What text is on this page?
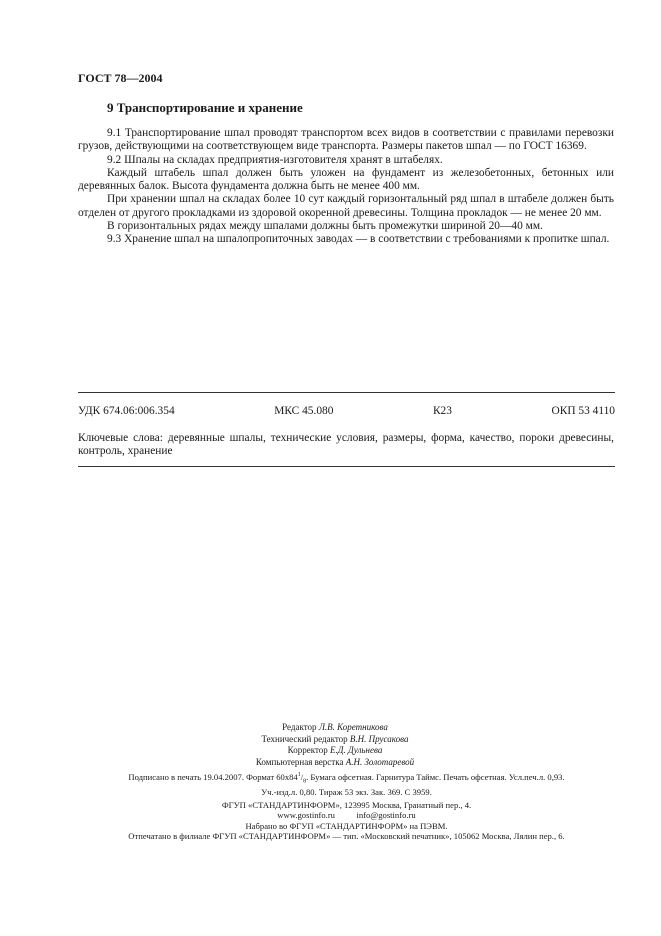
ГОСТ 78—2004
9 Транспортирование и хранение

9.1 Транспортирование шпал проводят транспортом всех видов в соответствии с правилами перевозки грузов, действующими на соответствующем виде транспорта. Размеры пакетов шпал — по ГОСТ 16369.

9.2 Шпалы на складах предприятия-изготовителя хранят в штабелях.

Каждый штабель шпал должен быть уложен на фундамент из железобетонных, бетонных или деревянных балок. Высота фундамента должна быть не менее 400 мм.

При хранении шпал на складах более 10 сут каждый горизонтальный ряд шпал в штабеле должен быть отделен от другого прокладками из здоровой окоренной древесины. Толщина прокладок — не менее 20 мм.

В горизонтальных рядах между шпалами должны быть промежутки шириной 20—40 мм.

9.3 Хранение шпал на шпалопропиточных заводах — в соответствии с требованиями к пропитке шпал.

УДК 674.06:006.354	МКС 45.080	К23	ОКП 53 4110
Ключевые слова: деревянные шпалы, технические условия, размеры, форма, качество, пороки древесины, контроль, хранение
Редактор Л.В. Коретникова
Технический редактор В.Н. Прусакова
Корректор Е.Д. Дульнева
Компьютерная верстка А.Н. Золотаревой
Подписано в печать 19.04.2007. Формат $60x84^1/_8$. Бумага офсетная. Гарнитура Таймс. Печать офсетная. Усл.печ.л. 0,93.
Уч.-изд.л. 0,80. Тираж 53 экз. Зак. 369. С 3959.
ФГУП «СТАНДАРТИНФОРМ», 123995 Москва, Гранатный пер., 4.
www.gostinfo.ru          info@gostinfo.ru
Набрано во ФГУП «СТАНДАРТИНФОРМ» на ПЭВМ.
Отпечатано в филиале ФГУП «СТАНДАРТИНФОРМ» — тип. «Московский печатник», 105062 Москва, Лялин пер., 6.
